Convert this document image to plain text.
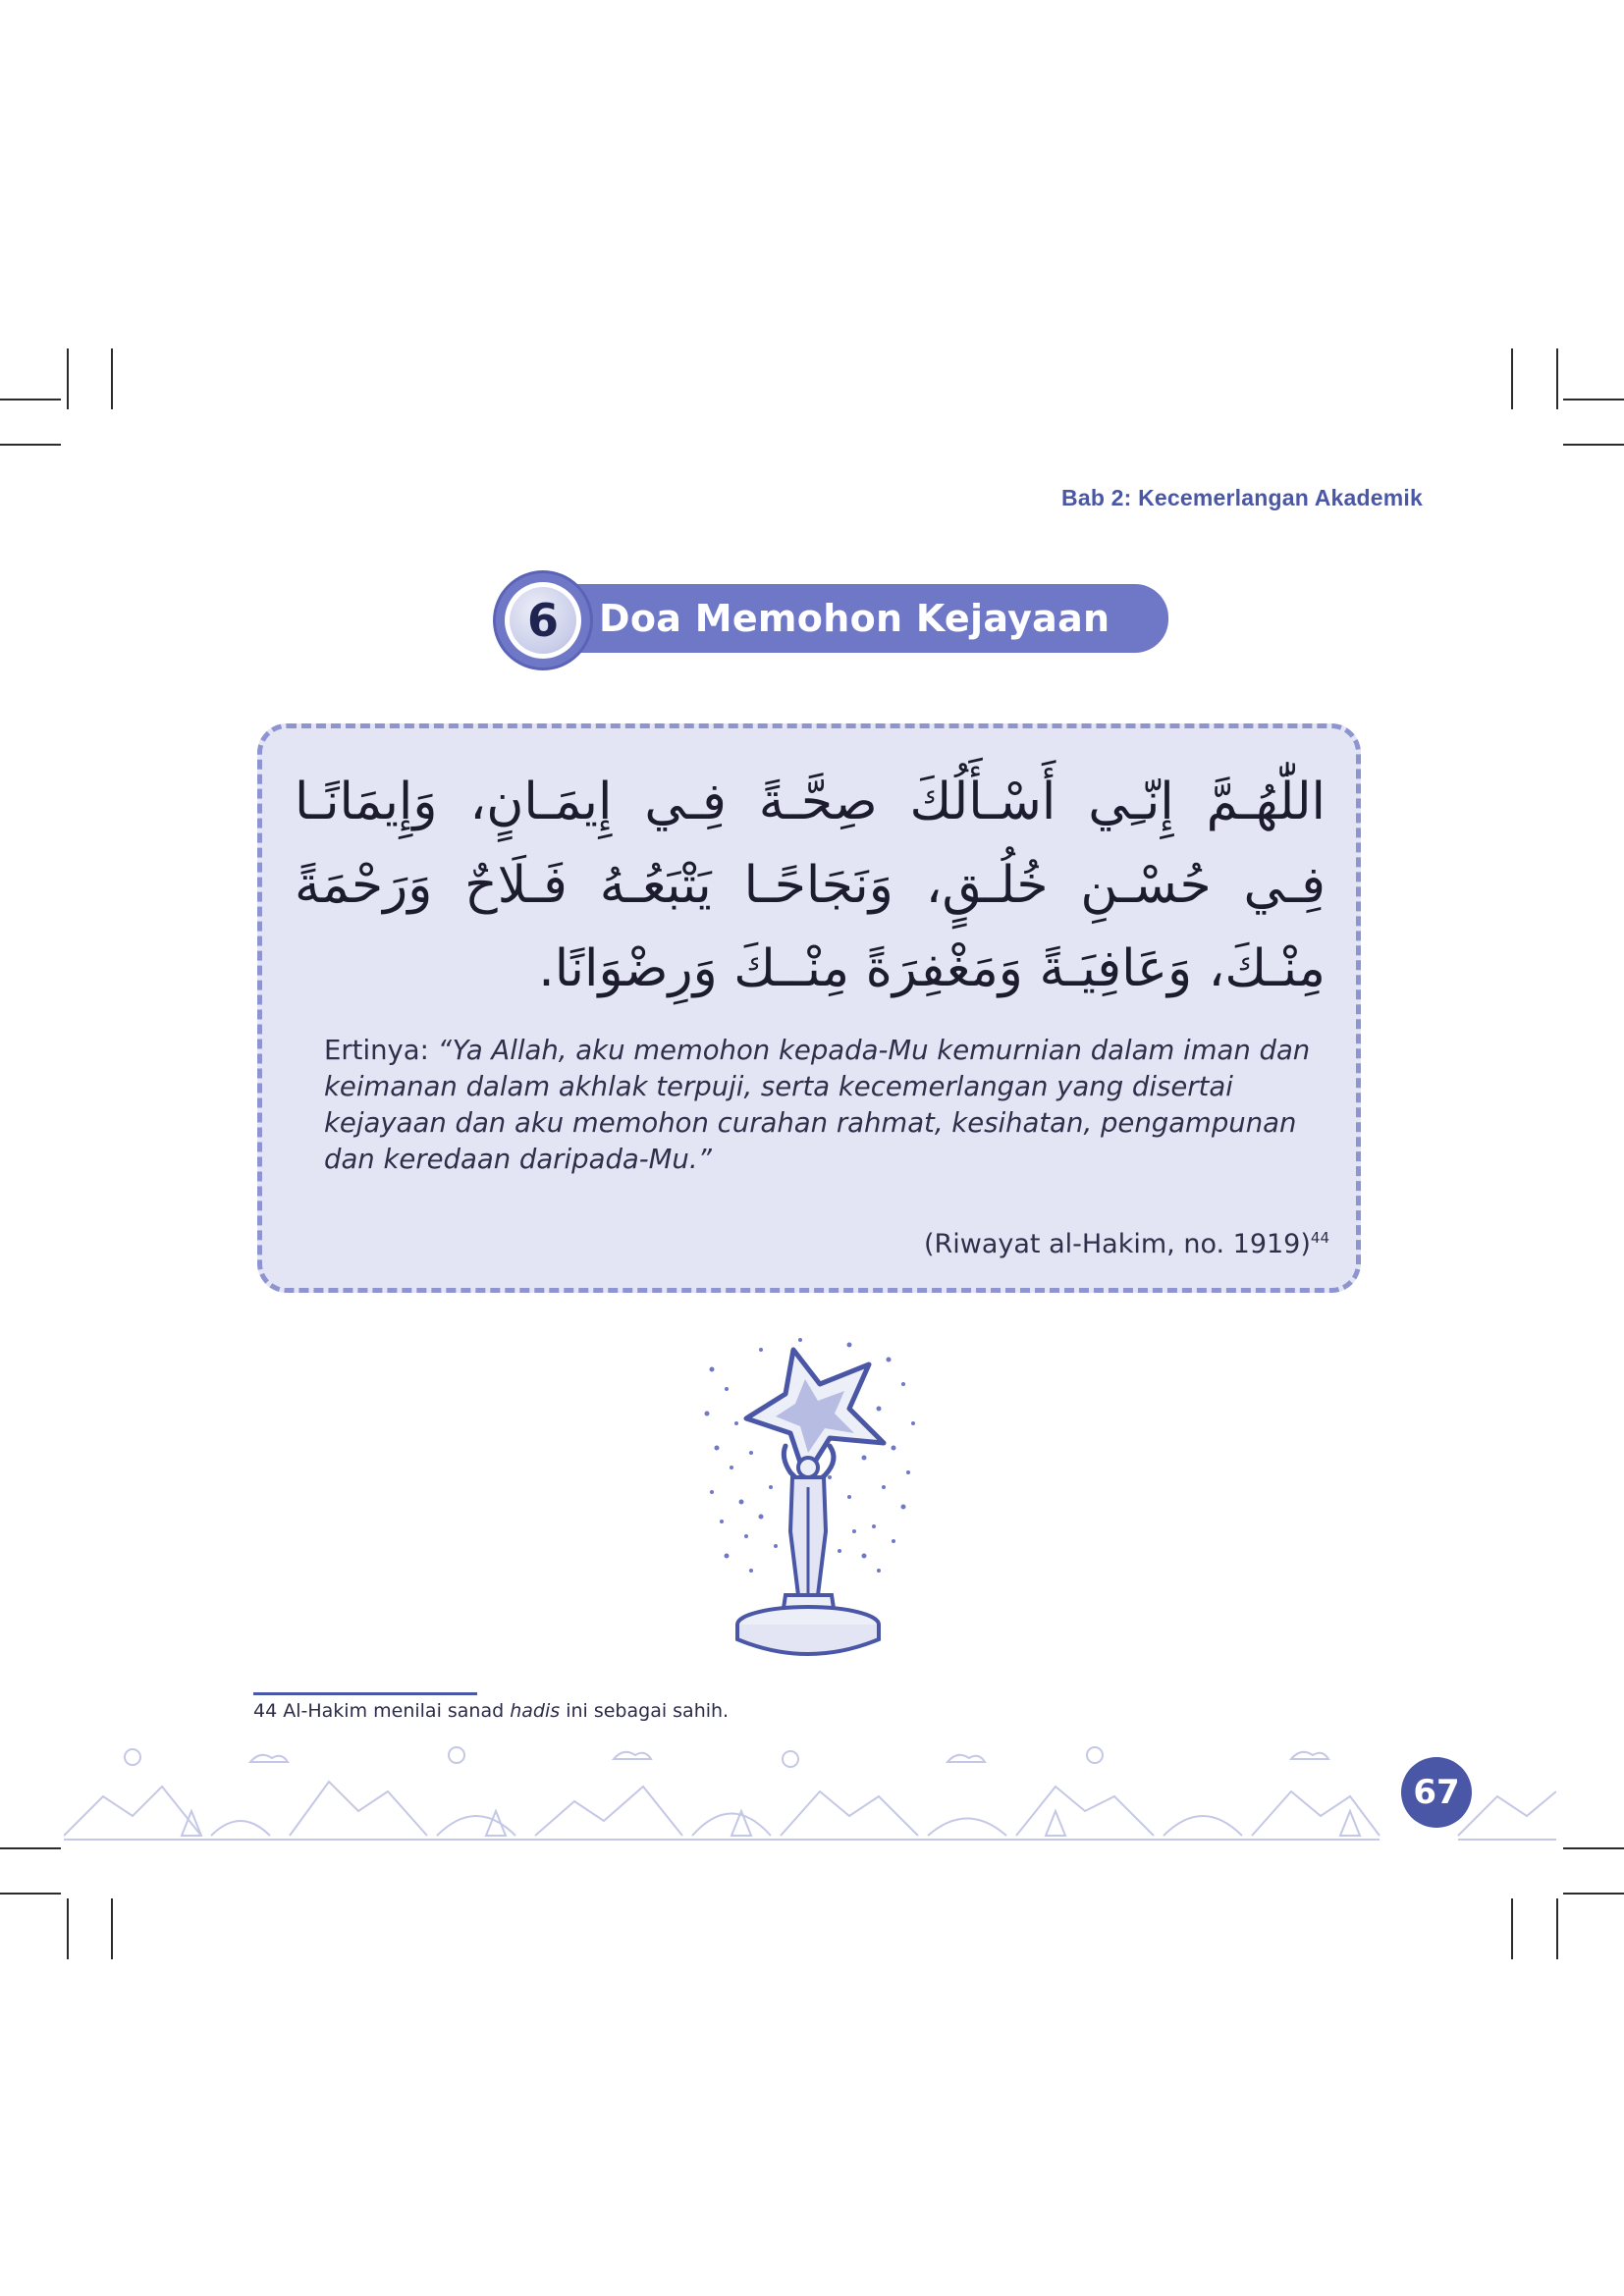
Bab 2: Kecemerlangan Akademik
6	Doa Memohon Kejayaan
اللّٰهُـمَّ إِنّـِي أَسْـأَلُكَ صِحَّـةً فِـي إِيمَـانٍ، وَإِيمَانًـا فِـي حُسْـنِ خُلُـقٍ، وَنَجَاحًـا يَتْبَعُـهُ فَـلَاحٌ وَرَحْمَةً مِنْـكَ، وَعَافِيَـةً وَمَغْفِرَةً مِنْــكَ وَرِضْوَانًا.
Ertinya: “Ya Allah, aku memohon kepada-Mu kemurnian dalam iman dan keimanan dalam akhlak terpuji, serta kecemerlangan yang disertai kejayaan dan aku memohon curahan rahmat, kesihatan, pengampunan dan keredaan daripada-Mu.”
(Riwayat al-Hakim, no. 1919)$^{44}$
44 Al-Hakim menilai sanad hadis ini sebagai sahih.
67
